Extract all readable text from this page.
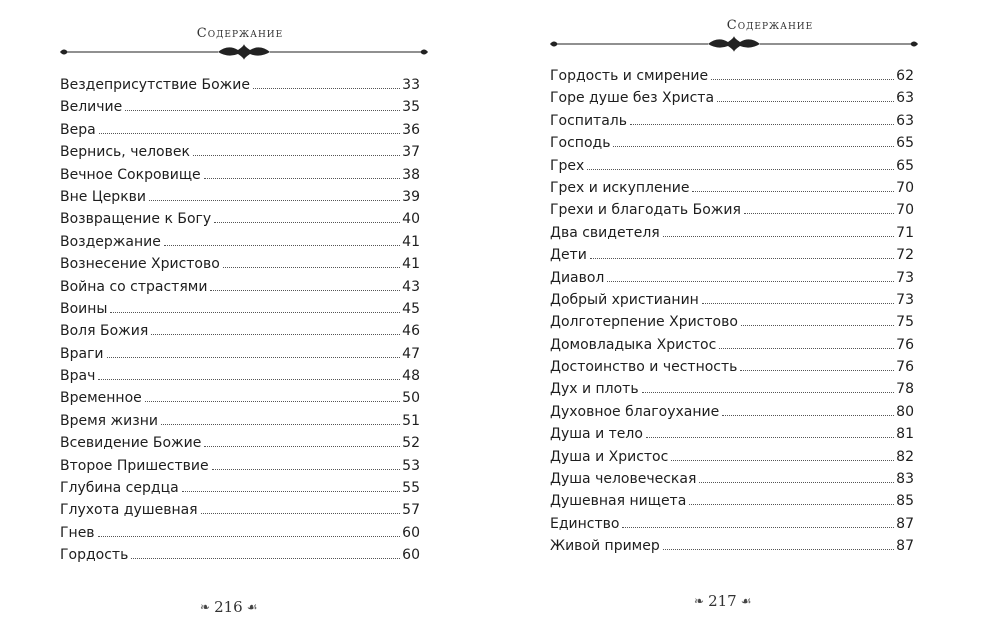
Содержание
Вездеприсутствие Божие	33
Величие	35
Вера	36
Вернись, человек	37
Вечное Сокровище	38
Вне Церкви	39
Возвращение к Богу	40
Воздержание	41
Вознесение Христово	41
Война со страстями	43
Воины	45
Воля Божия	46
Враги	47
Врач	48
Временное	50
Время жизни	51
Всевидение Божие	52
Второе Пришествие	53
Глубина сердца	55
Глухота душевная	57
Гнев	60
Гордость	60
❧ 216 ☙
Содержание
Гордость и смирение	62
Горе душе без Христа	63
Госпиталь	63
Господь	65
Грех	65
Грех и искупление	70
Грехи и благодать Божия	70
Два свидетеля	71
Дети	72
Диавол	73
Добрый христианин	73
Долготерпение Христово	75
Домовладыка Христос	76
Достоинство и честность	76
Дух и плоть	78
Духовное благоухание	80
Душа и тело	81
Душа и Христос	82
Душа человеческая	83
Душевная нищета	85
Единство	87
Живой пример	87
❧ 217 ☙
